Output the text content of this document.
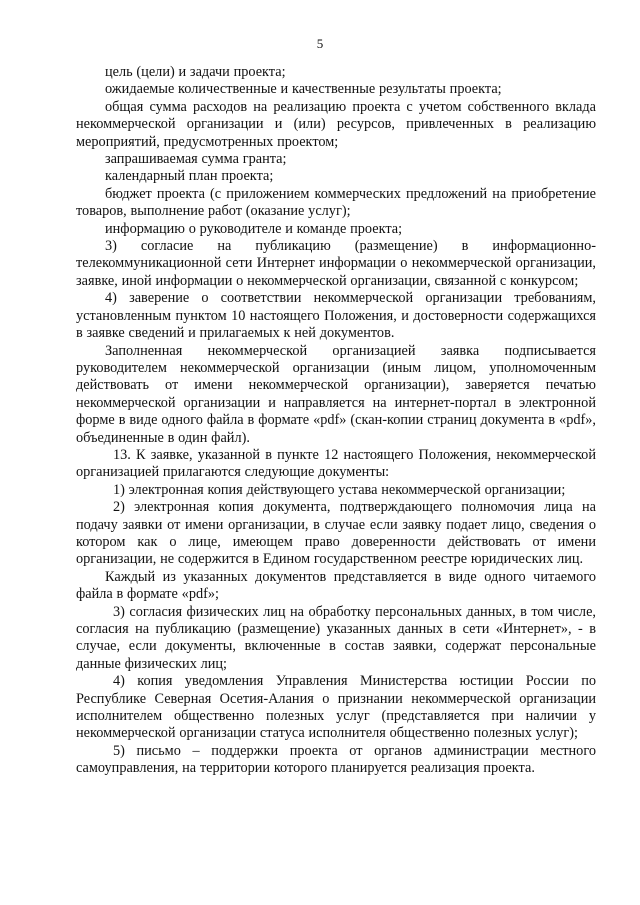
5

цель (цели) и задачи проекта;

ожидаемые количественные и качественные результаты проекта;

общая сумма расходов на реализацию проекта с учетом собственного вклада некоммерческой организации и (или) ресурсов, привлеченных в реализацию мероприятий, предусмотренных проектом;

запрашиваемая сумма гранта;

календарный план проекта;

бюджет проекта (с приложением коммерческих предложений на приобретение товаров, выполнение работ (оказание услуг);

информацию о руководителе и команде проекта;

3) согласие на публикацию (размещение) в информационно-телекоммуникационной сети Интернет информации о некоммерческой организации, заявке, иной информации о некоммерческой организации, связанной с конкурсом;

4) заверение о соответствии некоммерческой организации требованиям, установленным пунктом 10 настоящего Положения, и достоверности содержащихся в заявке сведений и прилагаемых к ней документов.

Заполненная некоммерческой организацией заявка подписывается руководителем некоммерческой организации (иным лицом, уполномоченным действовать от имени некоммерческой организации), заверяется печатью некоммерческой организации и направляется на интернет-портал в электронной форме в виде одного файла в формате «pdf» (скан-копии страниц документа в «pdf», объединенные в один файл).

13. К заявке, указанной в пункте 12 настоящего Положения, некоммерческой организацией прилагаются следующие документы:

1) электронная копия действующего устава некоммерческой организации;

2) электронная копия документа, подтверждающего полномочия лица на подачу заявки от имени организации, в случае если заявку подает лицо, сведения о котором как о лице, имеющем право доверенности действовать от имени организации, не содержится в Едином государственном реестре юридических лиц.

Каждый из указанных документов представляется в виде одного читаемого файла в формате «pdf»;

3) согласия физических лиц на обработку персональных данных, в том числе, согласия на публикацию (размещение) указанных данных в сети «Интернет», - в случае, если документы, включенные в состав заявки, содержат персональные данные физических лиц;

4) копия уведомления Управления Министерства юстиции России по Республике Северная Осетия-Алания о признании некоммерческой организации исполнителем общественно полезных услуг (представляется при наличии у некоммерческой организации статуса исполнителя общественно полезных услуг);

5) письмо – поддержки проекта от органов администрации местного самоуправления, на территории которого планируется реализация проекта.
